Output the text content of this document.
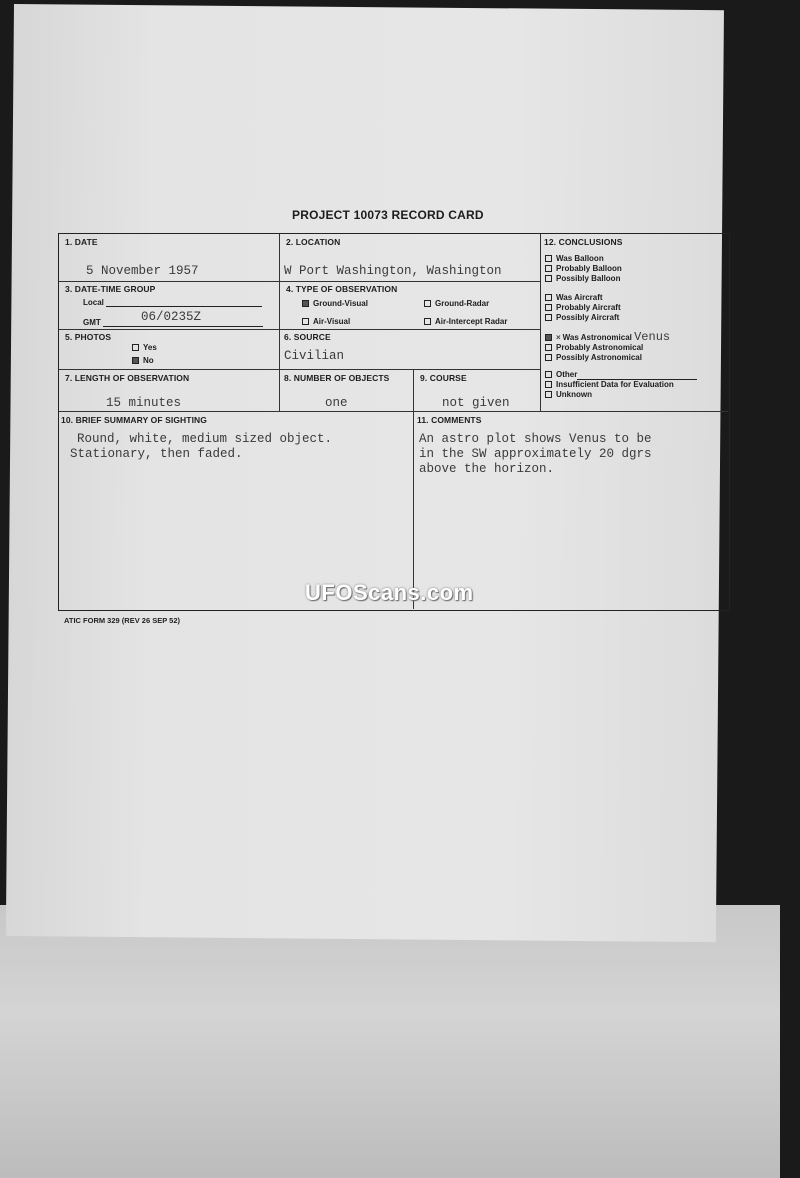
PROJECT 10073 RECORD CARD
1. DATE
5 November 1957
2. LOCATION
W Port Washington, Washington
3. DATE-TIME GROUP
Local
GMT	06/0235Z
4. TYPE OF OBSERVATION
Ground-Visual	Ground-Radar
Air-Visual	Air-Intercept Radar
5. PHOTOS
Yes
No
6. SOURCE
Civilian
7. LENGTH OF OBSERVATION
15 minutes
8. NUMBER OF OBJECTS
one
9. COURSE
not given
12. CONCLUSIONS
Was Balloon
Probably Balloon
Possibly Balloon
Was Aircraft
Probably Aircraft
Possibly Aircraft
× Was Astronomical Venus
Probably Astronomical
Possibly Astronomical
Other
Insufficient Data for Evaluation
Unknown
10. BRIEF SUMMARY OF SIGHTING
Round, white, medium sized object.
Stationary, then faded.
11. COMMENTS
An astro plot shows Venus to be
in the SW approximately 20 dgrs
above the horizon.
ATIC FORM 329 (REV 26 SEP 52)
UFOScans.com
